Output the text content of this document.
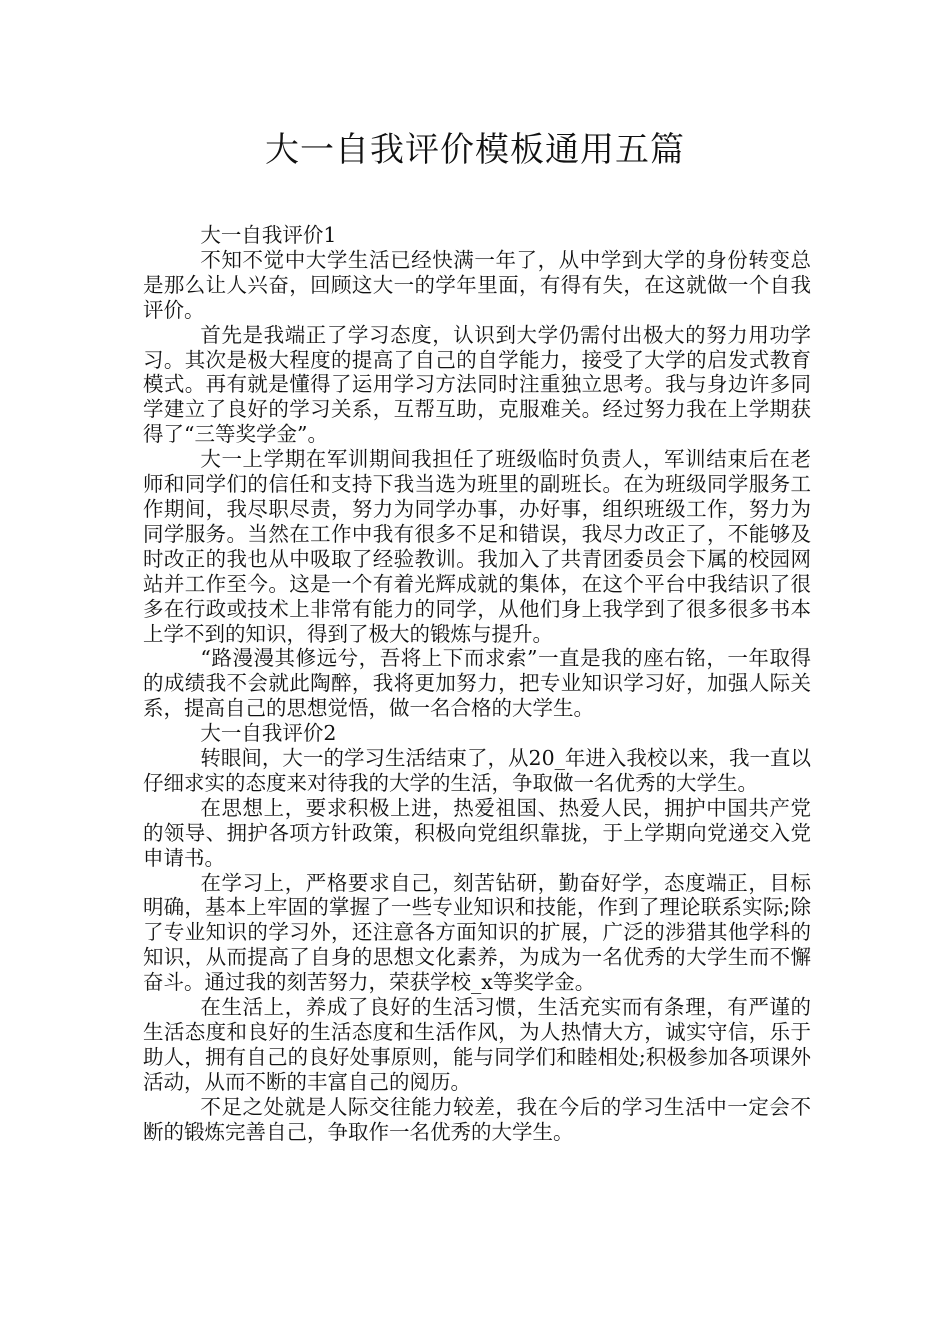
大一自我评价模板通用五篇

大一自我评价1

不知不觉中大学生活已经快满一年了，从中学到大学的身份转变总是那么让人兴奋，回顾这大一的学年里面，有得有失，在这就做一个自我评价。

首先是我端正了学习态度，认识到大学仍需付出极大的努力用功学习。其次是极大程度的提高了自己的自学能力，接受了大学的启发式教育模式。再有就是懂得了运用学习方法同时注重独立思考。我与身边许多同学建立了良好的学习关系，互帮互助，克服难关。经过努力我在上学期获得了“三等奖学金”。

大一上学期在军训期间我担任了班级临时负责人，军训结束后在老师和同学们的信任和支持下我当选为班里的副班长。在为班级同学服务工作期间，我尽职尽责，努力为同学办事，办好事，组织班级工作，努力为同学服务。当然在工作中我有很多不足和错误，我尽力改正了，不能够及时改正的我也从中吸取了经验教训。我加入了共青团委员会下属的校园网站并工作至今。这是一个有着光辉成就的集体，在这个平台中我结识了很多在行政或技术上非常有能力的同学，从他们身上我学到了很多很多书本上学不到的知识，得到了极大的锻炼与提升。

“路漫漫其修远兮，吾将上下而求索”一直是我的座右铭，一年取得的成绩我不会就此陶醉，我将更加努力，把专业知识学习好，加强人际关系，提高自己的思想觉悟，做一名合格的大学生。

大一自我评价2

转眼间，大一的学习生活结束了，从20_年进入我校以来，我一直以仔细求实的态度来对待我的大学的生活，争取做一名优秀的大学生。

在思想上，要求积极上进，热爱祖国、热爱人民，拥护中国共产党的领导、拥护各项方针政策，积极向党组织靠拢，于上学期向党递交入党申请书。

在学习上，严格要求自己，刻苦钻研，勤奋好学，态度端正，目标明确，基本上牢固的掌握了一些专业知识和技能，作到了理论联系实际;除了专业知识的学习外，还注意各方面知识的扩展，广泛的涉猎其他学科的知识，从而提高了自身的思想文化素养，为成为一名优秀的大学生而不懈奋斗。通过我的刻苦努力，荣获学校_x等奖学金。

在生活上，养成了良好的生活习惯，生活充实而有条理，有严谨的生活态度和良好的生活态度和生活作风，为人热情大方，诚实守信，乐于助人，拥有自己的良好处事原则，能与同学们和睦相处;积极参加各项课外活动，从而不断的丰富自己的阅历。

不足之处就是人际交往能力较差，我在今后的学习生活中一定会不断的锻炼完善自己，争取作一名优秀的大学生。
